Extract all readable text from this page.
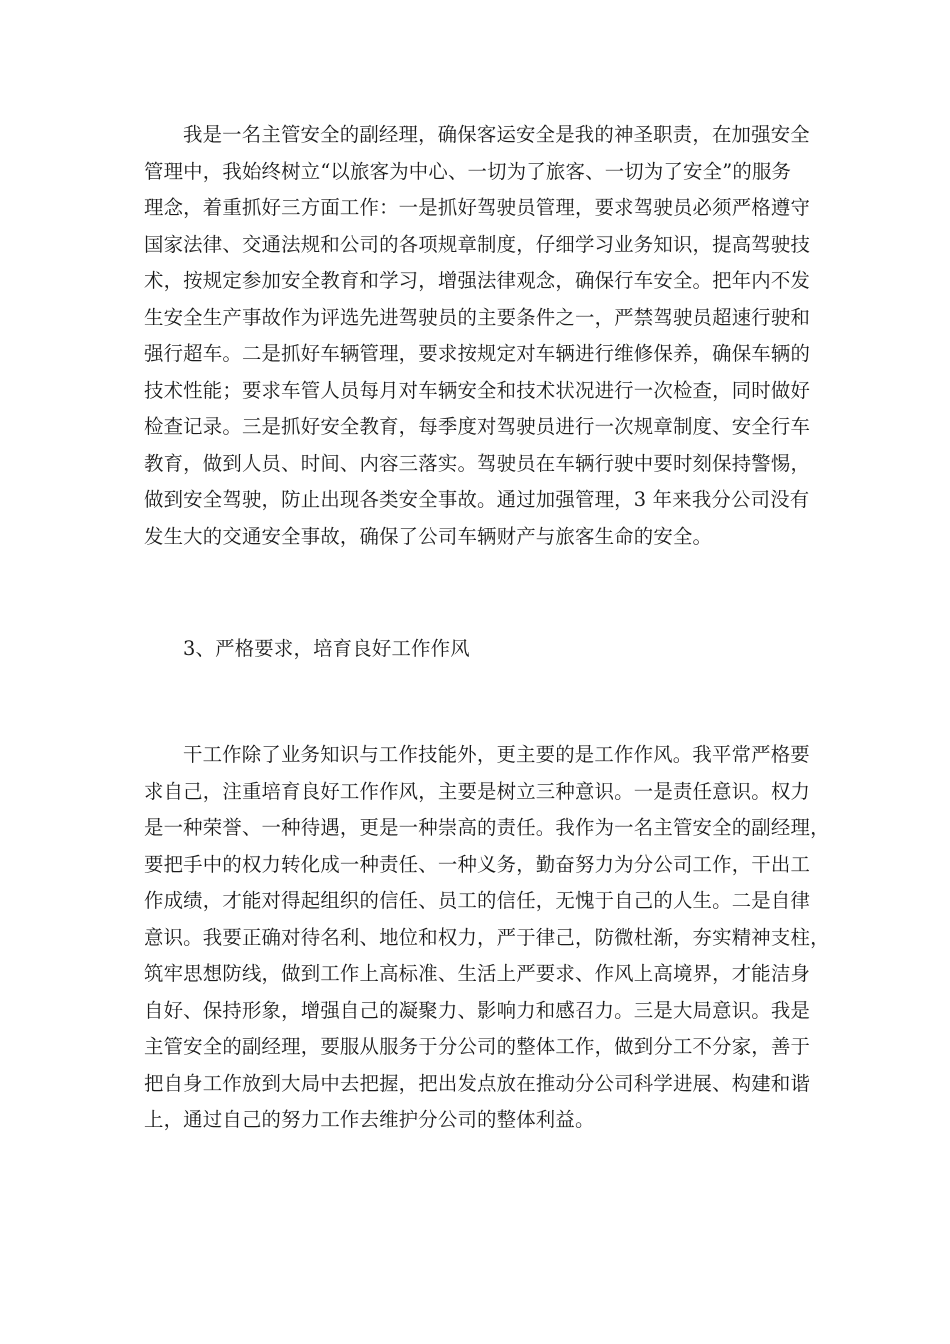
我是一名主管安全的副经理，确保客运安全是我的神圣职责，在加强安全
管理中，我始终树立“以旅客为中心、一切为了旅客、一切为了安全”的服务
理念，着重抓好三方面工作：一是抓好驾驶员管理，要求驾驶员必须严格遵守
国家法律、交通法规和公司的各项规章制度，仔细学习业务知识，提高驾驶技
术，按规定参加安全教育和学习，增强法律观念，确保行车安全。把年内不发
生安全生产事故作为评选先进驾驶员的主要条件之一，严禁驾驶员超速行驶和
强行超车。二是抓好车辆管理，要求按规定对车辆进行维修保养，确保车辆的
技术性能；要求车管人员每月对车辆安全和技术状况进行一次检查，同时做好
检查记录。三是抓好安全教育，每季度对驾驶员进行一次规章制度、安全行车
教育，做到人员、时间、内容三落实。驾驶员在车辆行驶中要时刻保持警惕，
做到安全驾驶，防止出现各类安全事故。通过加强管理，3 年来我分公司没有
发生大的交通安全事故，确保了公司车辆财产与旅客生命的安全。
3、严格要求，培育良好工作作风
干工作除了业务知识与工作技能外，更主要的是工作作风。我平常严格要
求自己，注重培育良好工作作风，主要是树立三种意识。一是责任意识。权力
是一种荣誉、一种待遇，更是一种崇高的责任。我作为一名主管安全的副经理，
要把手中的权力转化成一种责任、一种义务，勤奋努力为分公司工作，干出工
作成绩，才能对得起组织的信任、员工的信任，无愧于自己的人生。二是自律
意识。我要正确对待名利、地位和权力，严于律己，防微杜渐，夯实精神支柱，
筑牢思想防线，做到工作上高标准、生活上严要求、作风上高境界，才能洁身
自好、保持形象，增强自己的凝聚力、影响力和感召力。三是大局意识。我是
主管安全的副经理，要服从服务于分公司的整体工作，做到分工不分家，善于
把自身工作放到大局中去把握，把出发点放在推动分公司科学进展、构建和谐
上，通过自己的努力工作去维护分公司的整体利益。
